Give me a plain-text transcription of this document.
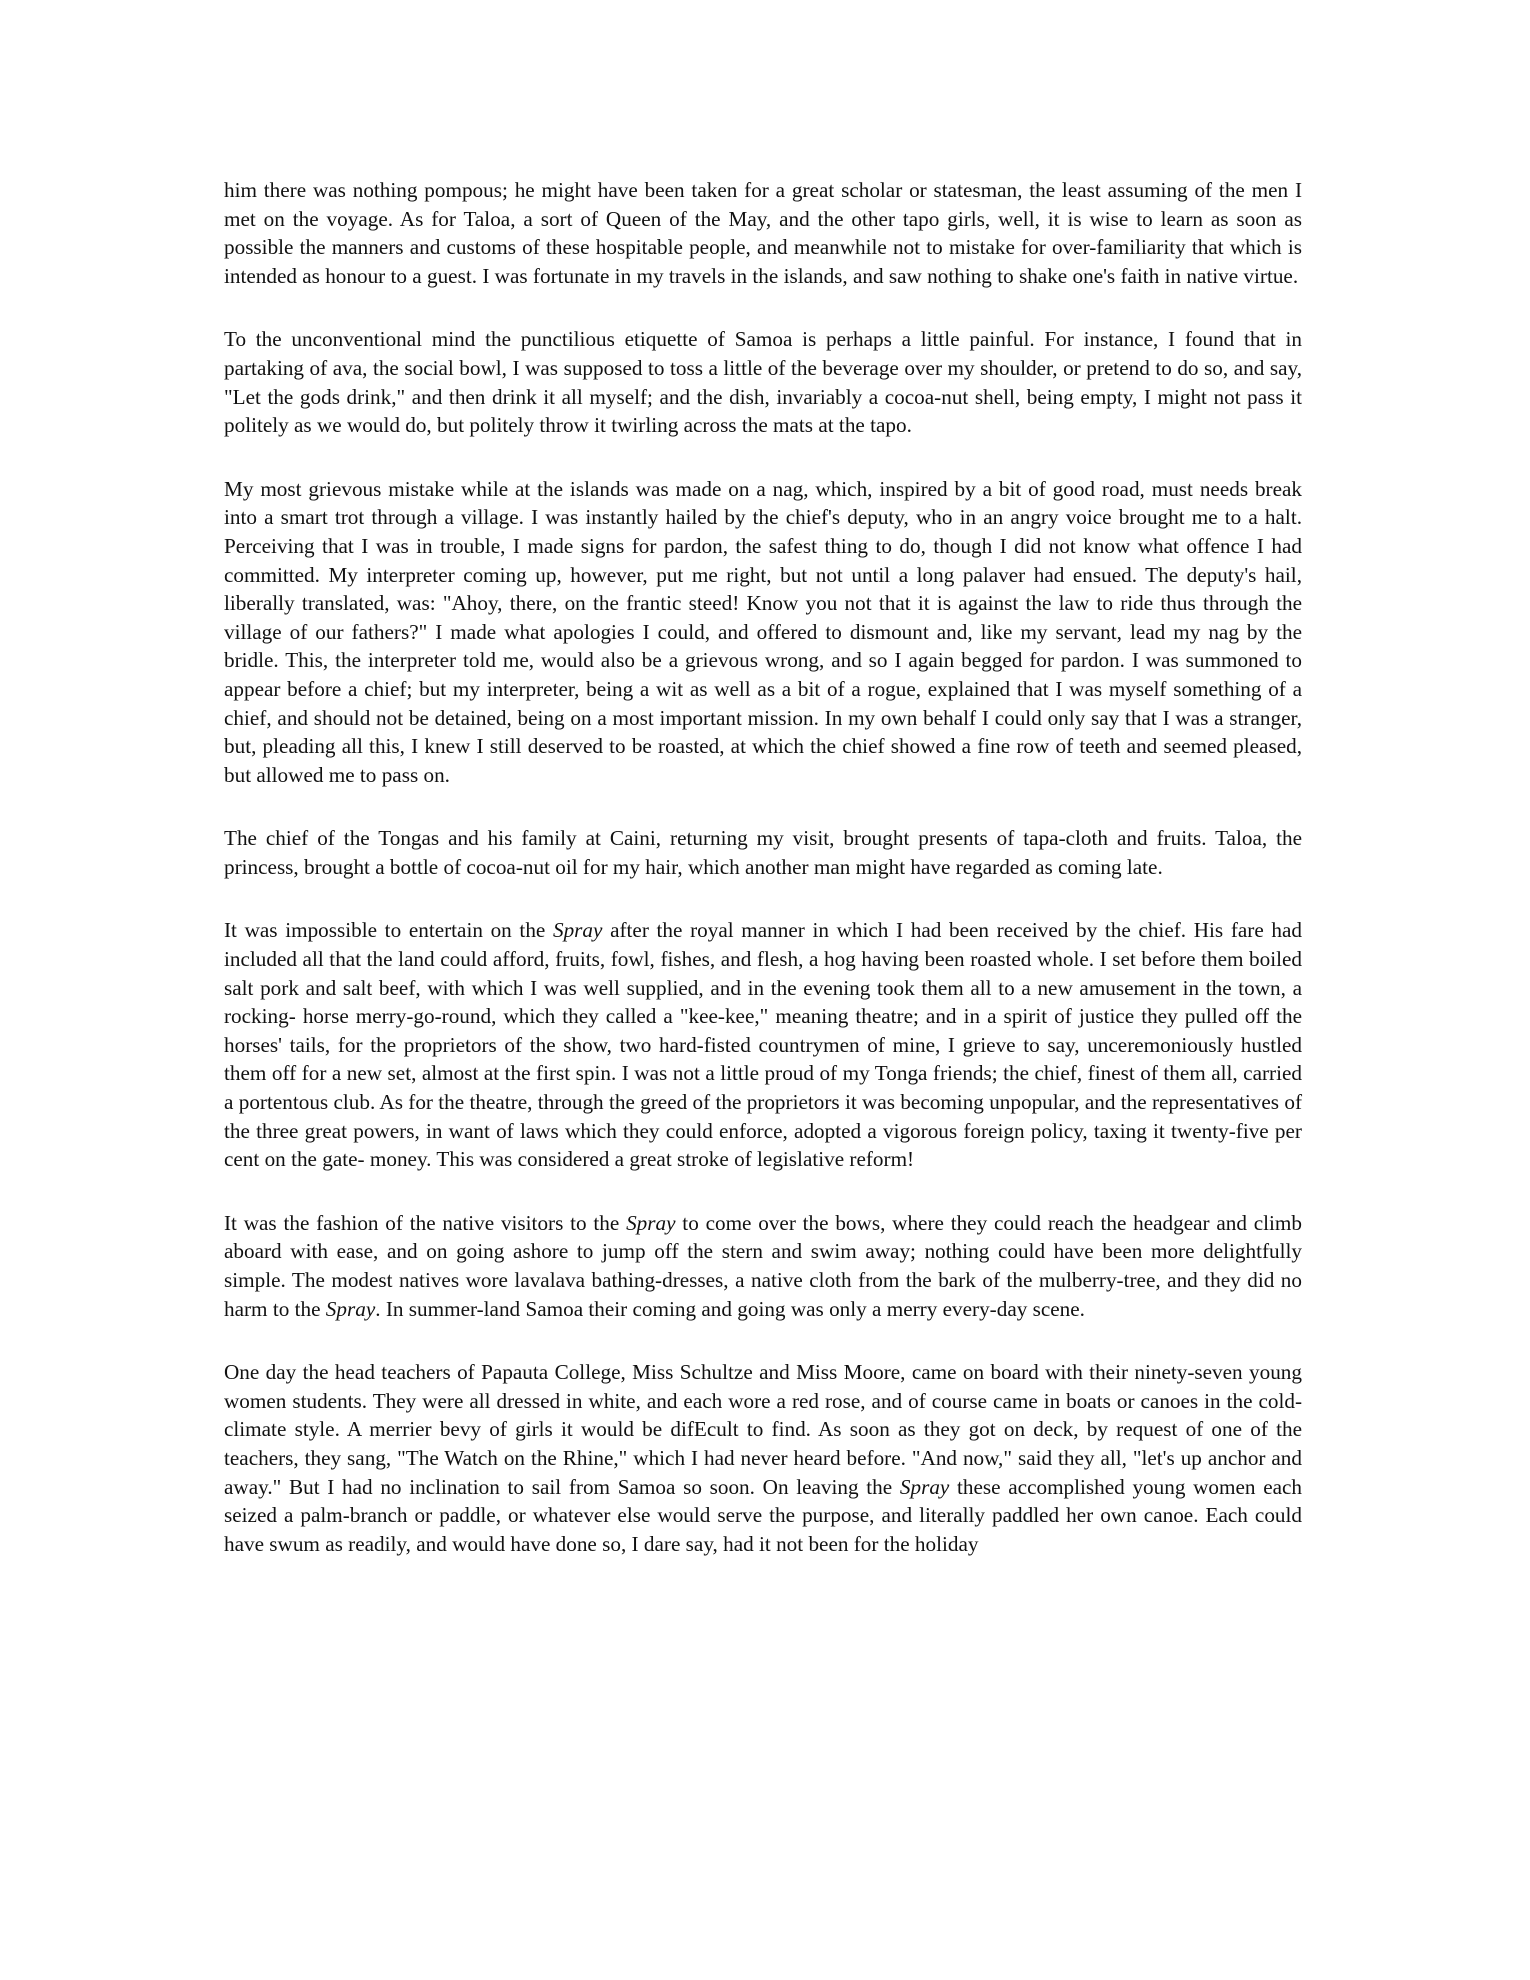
him there was nothing pompous; he might have been taken for a great scholar or statesman, the least assuming of the men I met on the voyage. As for Taloa, a sort of Queen of the May, and the other tapo girls, well, it is wise to learn as soon as possible the manners and customs of these hospitable people, and meanwhile not to mistake for over-familiarity that which is intended as honour to a guest. I was fortunate in my travels in the islands, and saw nothing to shake one's faith in native virtue.

To the unconventional mind the punctilious etiquette of Samoa is perhaps a little painful. For instance, I found that in partaking of ava, the social bowl, I was supposed to toss a little of the beverage over my shoulder, or pretend to do so, and say, "Let the gods drink," and then drink it all myself; and the dish, invariably a cocoa-nut shell, being empty, I might not pass it politely as we would do, but politely throw it twirling across the mats at the tapo.

My most grievous mistake while at the islands was made on a nag, which, inspired by a bit of good road, must needs break into a smart trot through a village. I was instantly hailed by the chief's deputy, who in an angry voice brought me to a halt. Perceiving that I was in trouble, I made signs for pardon, the safest thing to do, though I did not know what offence I had committed. My interpreter coming up, however, put me right, but not until a long palaver had ensued. The deputy's hail, liberally translated, was: "Ahoy, there, on the frantic steed! Know you not that it is against the law to ride thus through the village of our fathers?" I made what apologies I could, and offered to dismount and, like my servant, lead my nag by the bridle. This, the interpreter told me, would also be a grievous wrong, and so I again begged for pardon. I was summoned to appear before a chief; but my interpreter, being a wit as well as a bit of a rogue, explained that I was myself something of a chief, and should not be detained, being on a most important mission. In my own behalf I could only say that I was a stranger, but, pleading all this, I knew I still deserved to be roasted, at which the chief showed a fine row of teeth and seemed pleased, but allowed me to pass on.

The chief of the Tongas and his family at Caini, returning my visit, brought presents of tapa-cloth and fruits. Taloa, the princess, brought a bottle of cocoa-nut oil for my hair, which another man might have regarded as coming late.

It was impossible to entertain on the Spray after the royal manner in which I had been received by the chief. His fare had included all that the land could afford, fruits, fowl, fishes, and flesh, a hog having been roasted whole. I set before them boiled salt pork and salt beef, with which I was well supplied, and in the evening took them all to a new amusement in the town, a rocking- horse merry-go-round, which they called a "kee-kee," meaning theatre; and in a spirit of justice they pulled off the horses' tails, for the proprietors of the show, two hard-fisted countrymen of mine, I grieve to say, unceremoniously hustled them off for a new set, almost at the first spin. I was not a little proud of my Tonga friends; the chief, finest of them all, carried a portentous club. As for the theatre, through the greed of the proprietors it was becoming unpopular, and the representatives of the three great powers, in want of laws which they could enforce, adopted a vigorous foreign policy, taxing it twenty-five per cent on the gate- money. This was considered a great stroke of legislative reform!

It was the fashion of the native visitors to the Spray to come over the bows, where they could reach the headgear and climb aboard with ease, and on going ashore to jump off the stern and swim away; nothing could have been more delightfully simple. The modest natives wore lavalava bathing-dresses, a native cloth from the bark of the mulberry-tree, and they did no harm to the Spray. In summer-land Samoa their coming and going was only a merry every-day scene.

One day the head teachers of Papauta College, Miss Schultze and Miss Moore, came on board with their ninety-seven young women students. They were all dressed in white, and each wore a red rose, and of course came in boats or canoes in the cold-climate style. A merrier bevy of girls it would be difEcult to find. As soon as they got on deck, by request of one of the teachers, they sang, "The Watch on the Rhine," which I had never heard before. "And now," said they all, "let's up anchor and away." But I had no inclination to sail from Samoa so soon. On leaving the Spray these accomplished young women each seized a palm-branch or paddle, or whatever else would serve the purpose, and literally paddled her own canoe. Each could have swum as readily, and would have done so, I dare say, had it not been for the holiday
